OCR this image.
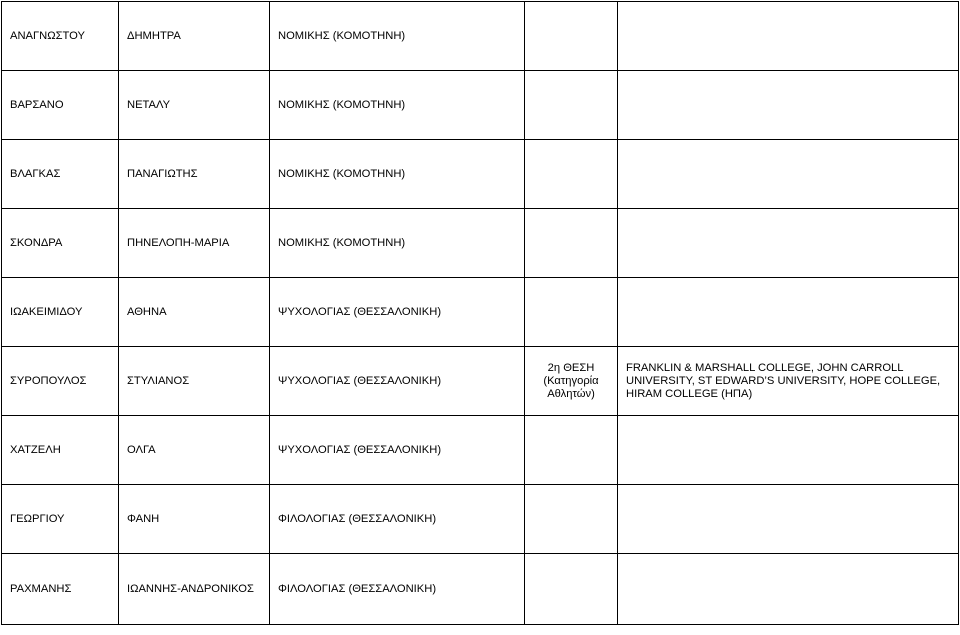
ΑΝΑΓΝΩΣΤΟΥ	ΔΗΜΗΤΡΑ	ΝΟΜΙΚΗΣ (ΚΟΜΟΤΗΝΗ)		
ΒΑΡΣΑΝΟ	ΝΕΤΑΛΥ	ΝΟΜΙΚΗΣ (ΚΟΜΟΤΗΝΗ)		
ΒΛΑΓΚΑΣ	ΠΑΝΑΓΙΩΤΗΣ	ΝΟΜΙΚΗΣ (ΚΟΜΟΤΗΝΗ)		
ΣΚΟΝΔΡΑ	ΠΗΝΕΛΟΠΗ-ΜΑΡΙΑ	ΝΟΜΙΚΗΣ (ΚΟΜΟΤΗΝΗ)		
ΙΩΑΚΕΙΜΙΔΟΥ	ΑΘΗΝΑ	ΨΥΧΟΛΟΓΙΑΣ (ΘΕΣΣΑΛΟΝΙΚΗ)		
ΣΥΡΟΠΟΥΛΟΣ	ΣΤΥΛΙΑΝΟΣ	ΨΥΧΟΛΟΓΙΑΣ (ΘΕΣΣΑΛΟΝΙΚΗ)	2η ΘΕΣΗ (Κατηγορία Αθλητών)	FRANKLIN & MARSHALL COLLEGE, JOHN CARROLL UNIVERSITY, ST EDWARD’S UNIVERSITY, HOPE COLLEGE, HIRAM COLLEGE (ΗΠΑ)
ΧΑΤΖΕΛΗ	ΟΛΓΑ	ΨΥΧΟΛΟΓΙΑΣ (ΘΕΣΣΑΛΟΝΙΚΗ)		
ΓΕΩΡΓΙΟΥ	ΦΑΝΗ	ΦΙΛΟΛΟΓΙΑΣ (ΘΕΣΣΑΛΟΝΙΚΗ)		
ΡΑΧΜΑΝΗΣ	ΙΩΑΝΝΗΣ-ΑΝΔΡΟΝΙΚΟΣ	ΦΙΛΟΛΟΓΙΑΣ (ΘΕΣΣΑΛΟΝΙΚΗ)		
